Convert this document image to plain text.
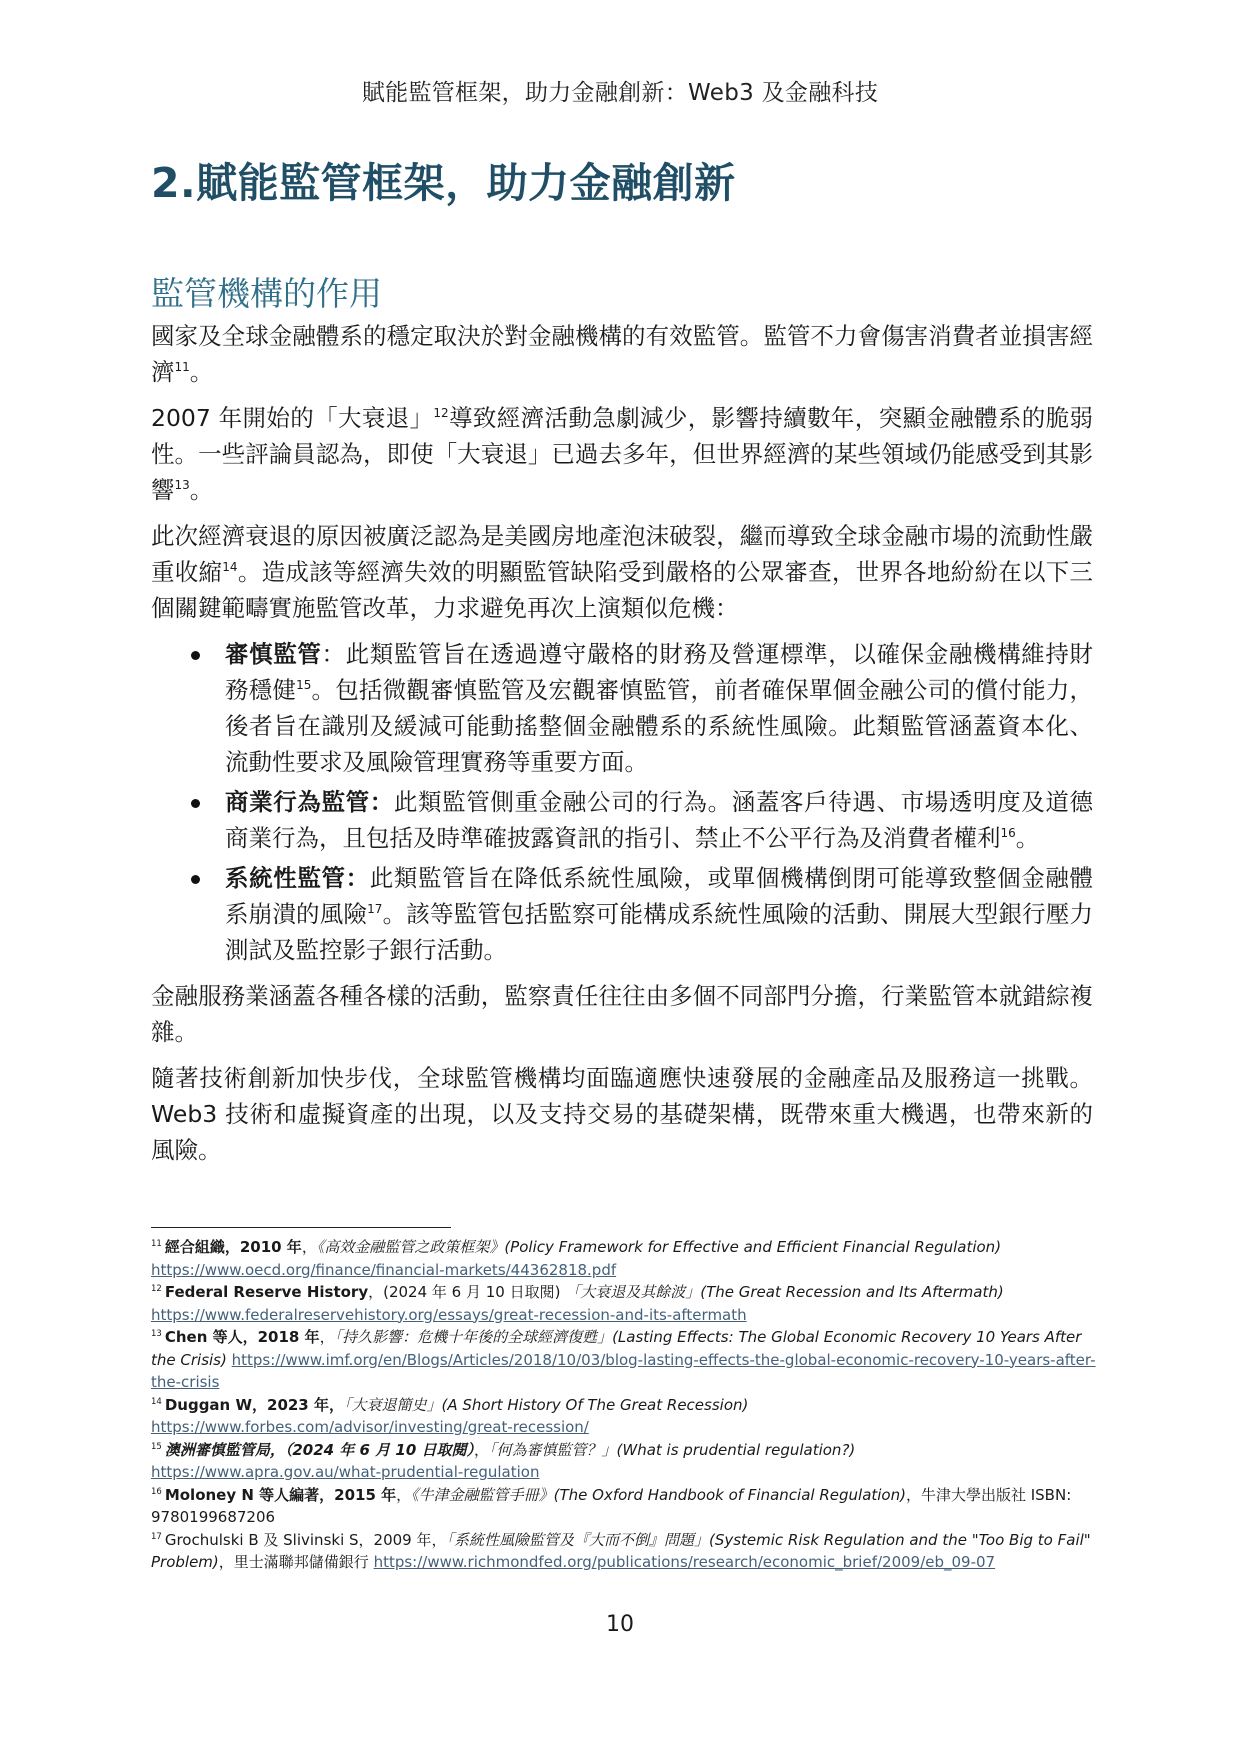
賦能監管框架，助力金融創新：Web3 及金融科技
2.賦能監管框架，助力金融創新
監管機構的作用

國家及全球金融體系的穩定取決於對金融機構的有效監管。監管不力會傷害消費者並損害經濟$^{11}$。

2007 年開始的「大衰退」$^{12}$導致經濟活動急劇減少，影響持續數年，突顯金融體系的脆弱性。一些評論員認為，即使「大衰退」已過去多年，但世界經濟的某些領域仍能感受到其影響$^{13}$。

此次經濟衰退的原因被廣泛認為是美國房地產泡沫破裂，繼而導致全球金融市場的流動性嚴重收縮$^{14}$。造成該等經濟失效的明顯監管缺陷受到嚴格的公眾審查，世界各地紛紛在以下三個關鍵範疇實施監管改革，力求避免再次上演類似危機：

審慎監管：此類監管旨在透過遵守嚴格的財務及營運標準，以確保金融機構維持財務穩健$^{15}$。包括微觀審慎監管及宏觀審慎監管，前者確保單個金融公司的償付能力，後者旨在識別及緩減可能動搖整個金融體系的系統性風險。此類監管涵蓋資本化、流動性要求及風險管理實務等重要方面。
商業行為監管：此類監管側重金融公司的行為。涵蓋客戶待遇、市場透明度及道德商業行為，且包括及時準確披露資訊的指引、禁止不公平行為及消費者權利$^{16}$。
系統性監管：此類監管旨在降低系統性風險，或單個機構倒閉可能導致整個金融體系崩潰的風險$^{17}$。該等監管包括監察可能構成系統性風險的活動、開展大型銀行壓力測試及監控影子銀行活動。

金融服務業涵蓋各種各樣的活動，監察責任往往由多個不同部門分擔，行業監管本就錯綜複雜。

隨著技術創新加快步伐，全球監管機構均面臨適應快速發展的金融產品及服務這一挑戰。Web3 技術和虛擬資產的出現，以及支持交易的基礎架構，既帶來重大機遇，也帶來新的風險。

$^{11}$ 經合組織，2010 年，《高效金融監管之政策框架》(Policy Framework for Effective and Efficient Financial Regulation)
https://www.oecd.org/finance/financial-markets/44362818.pdf

$^{12}$ Federal Reserve History，(2024 年 6 月 10 日取閱) 「大衰退及其餘波」(The Great Recession and Its Aftermath)
https://www.federalreservehistory.org/essays/great-recession-and-its-aftermath

$^{13}$ Chen 等人，2018 年，「持久影響：危機十年後的全球經濟復甦」(Lasting Effects: The Global Economic Recovery 10 Years After the Crisis) https://www.imf.org/en/Blogs/Articles/2018/10/03/blog-lasting-effects-the-global-economic-recovery-10-years-after-the-crisis

$^{14}$ Duggan W，2023 年，「大衰退簡史」(A Short History Of The Great Recession)
https://www.forbes.com/advisor/investing/great-recession/

$^{15}$ 澳洲審慎監管局，（2024 年 6 月 10 日取閱），「何為審慎監管？」(What is prudential regulation?)
https://www.apra.gov.au/what-prudential-regulation

$^{16}$ Moloney N 等人編著，2015 年，《牛津金融監管手冊》(The Oxford Handbook of Financial Regulation)，牛津大學出版社 ISBN: 9780199687206

$^{17}$ Grochulski B 及 Slivinski S，2009 年，「系統性風險監管及『大而不倒』問題」(Systemic Risk Regulation and the "Too Big to Fail" Problem)，里士滿聯邦儲備銀行 https://www.richmondfed.org/publications/research/economic_brief/2009/eb_09-07

10
